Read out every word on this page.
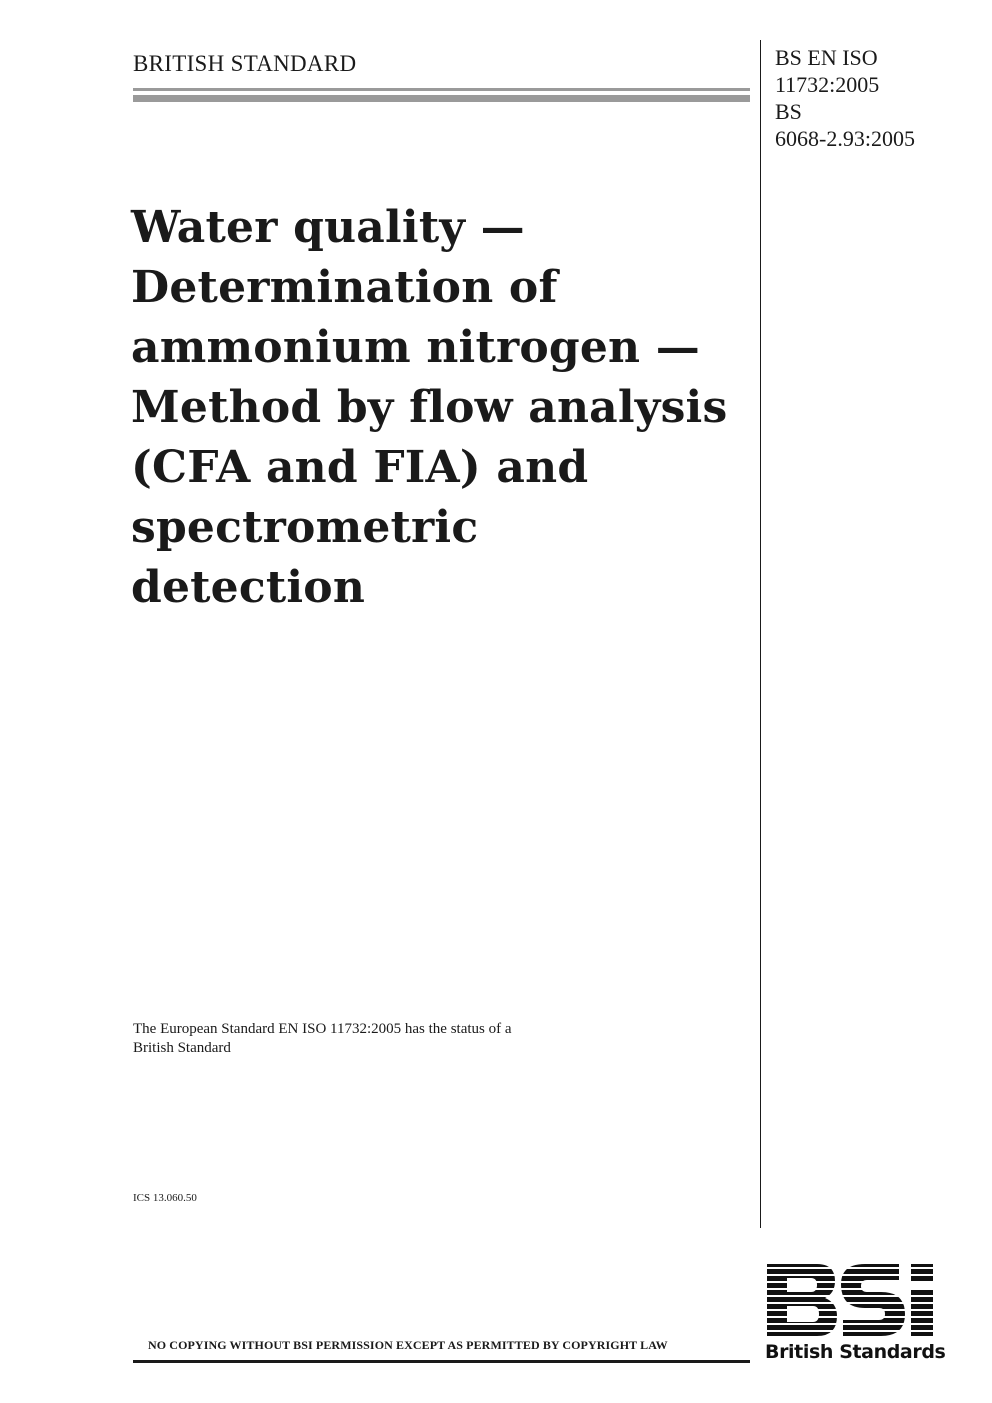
BRITISH STANDARD	BS EN ISO
11732:2005
BS
6068-2.93:2005
Water quality —
Determination of
ammonium nitrogen —
Method by flow analysis
(CFA and FIA) and
spectrometric
detection
The European Standard EN ISO 11732:2005 has the status of a
British Standard
ICS 13.060.50
NO COPYING WITHOUT BSI PERMISSION EXCEPT AS PERMITTED BY COPYRIGHT LAW	British Standards
